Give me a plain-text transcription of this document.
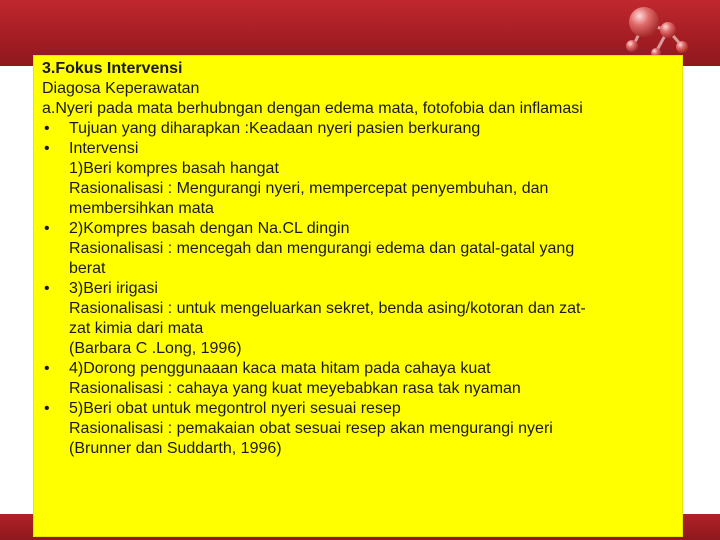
3.Fokus Intervensi

Diagosa Keperawatan

a.Nyeri pada mata berhubngan dengan edema mata, fotofobia dan inflamasi

• Tujuan yang diharapkan :Keadaan nyeri pasien berkurang
• Intervensi
1)Beri kompres basah hangat
Rasionalisasi : Mengurangi nyeri, mempercepat penyembuhan, dan
membersihkan mata
• 2)Kompres basah dengan Na.CL dingin
Rasionalisasi : mencegah dan mengurangi edema dan gatal-gatal yang
berat
• 3)Beri irigasi
Rasionalisasi : untuk mengeluarkan sekret, benda asing/kotoran dan zat-
zat kimia dari mata
(Barbara C .Long, 1996)
• 4)Dorong penggunaaan kaca mata hitam pada cahaya kuat
Rasionalisasi : cahaya yang kuat meyebabkan rasa tak nyaman
• 5)Beri obat untuk megontrol nyeri sesuai resep
Rasionalisasi : pemakaian obat sesuai resep akan mengurangi nyeri
(Brunner dan Suddarth, 1996)
